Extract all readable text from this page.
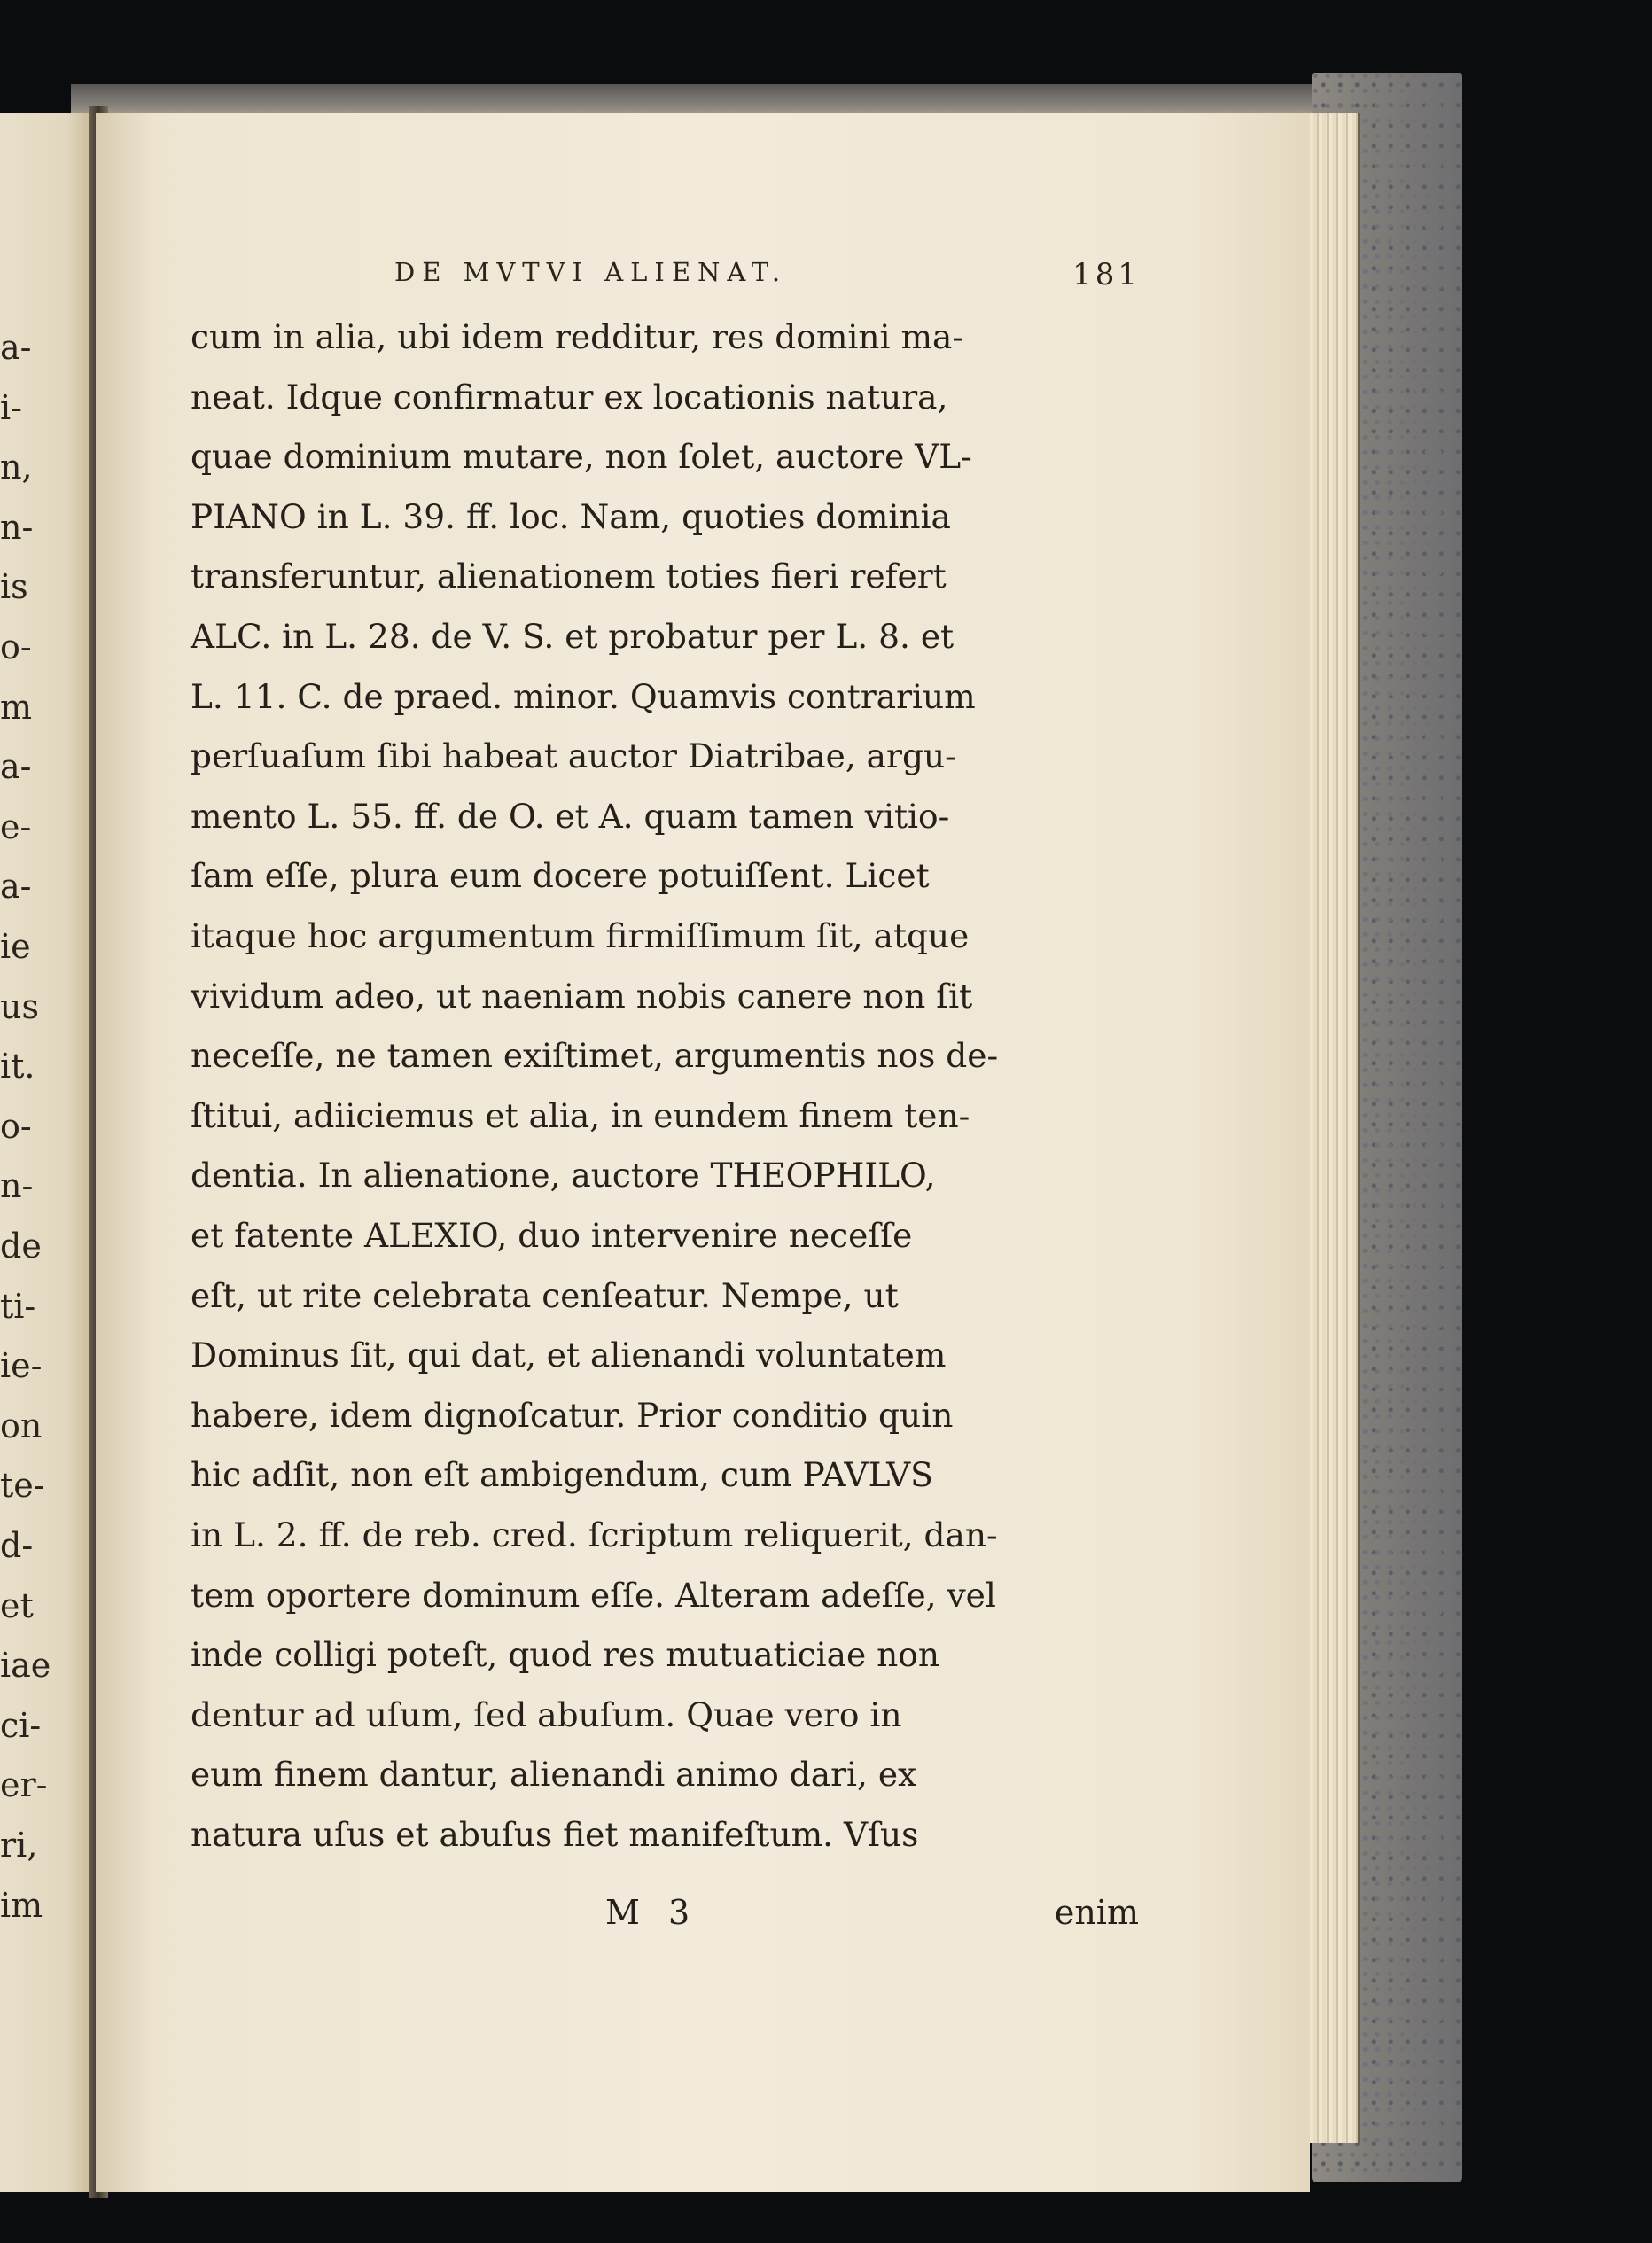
a-
i-
n,
n-
is
o-
m
a-
e-
a-
ie
us
it.
o-
n-
de
ti-
ie-
on
te-
d-
et
iae
ci-
er-
ri,
im
DE MVTVI ALIENAT.	181
cum in alia, ubi idem redditur, res domini ma-
neat. Idque confirmatur ex locationis natura,
quae dominium mutare, non ſolet, auctore VL-
PIANO in L. 39. ff. loc. Nam, quoties dominia
transferuntur, alienationem toties fieri refert
ALC. in L. 28. de V. S. et probatur per L. 8. et
L. 11. C. de praed. minor. Quamvis contrarium
perſuaſum ſibi habeat auctor Diatribae, argu-
mento L. 55. ff. de O. et A. quam tamen vitio-
ſam eſſe, plura eum docere potuiſſent. Licet
itaque hoc argumentum firmiſſimum ſit, atque
vividum adeo, ut naeniam nobis canere non ſit
neceſſe, ne tamen exiſtimet, argumentis nos de-
ſtitui, adiiciemus et alia, in eundem finem ten-
dentia. In alienatione, auctore THEOPHILO,
et fatente ALEXIO, duo intervenire neceſſe
eſt, ut rite celebrata cenſeatur. Nempe, ut
Dominus ſit, qui dat, et alienandi voluntatem
habere, idem dignoſcatur. Prior conditio quin
hic adſit, non eſt ambigendum, cum PAVLVS
in L. 2. ff. de reb. cred. ſcriptum reliquerit, dan-
tem oportere dominum eſſe. Alteram adeſſe, vel
inde colligi poteſt, quod res mutuaticiae non
dentur ad uſum, ſed abuſum. Quae vero in
eum finem dantur, alienandi animo dari, ex
natura uſus et abuſus fiet manifeſtum. Vſus
M 3	enim
